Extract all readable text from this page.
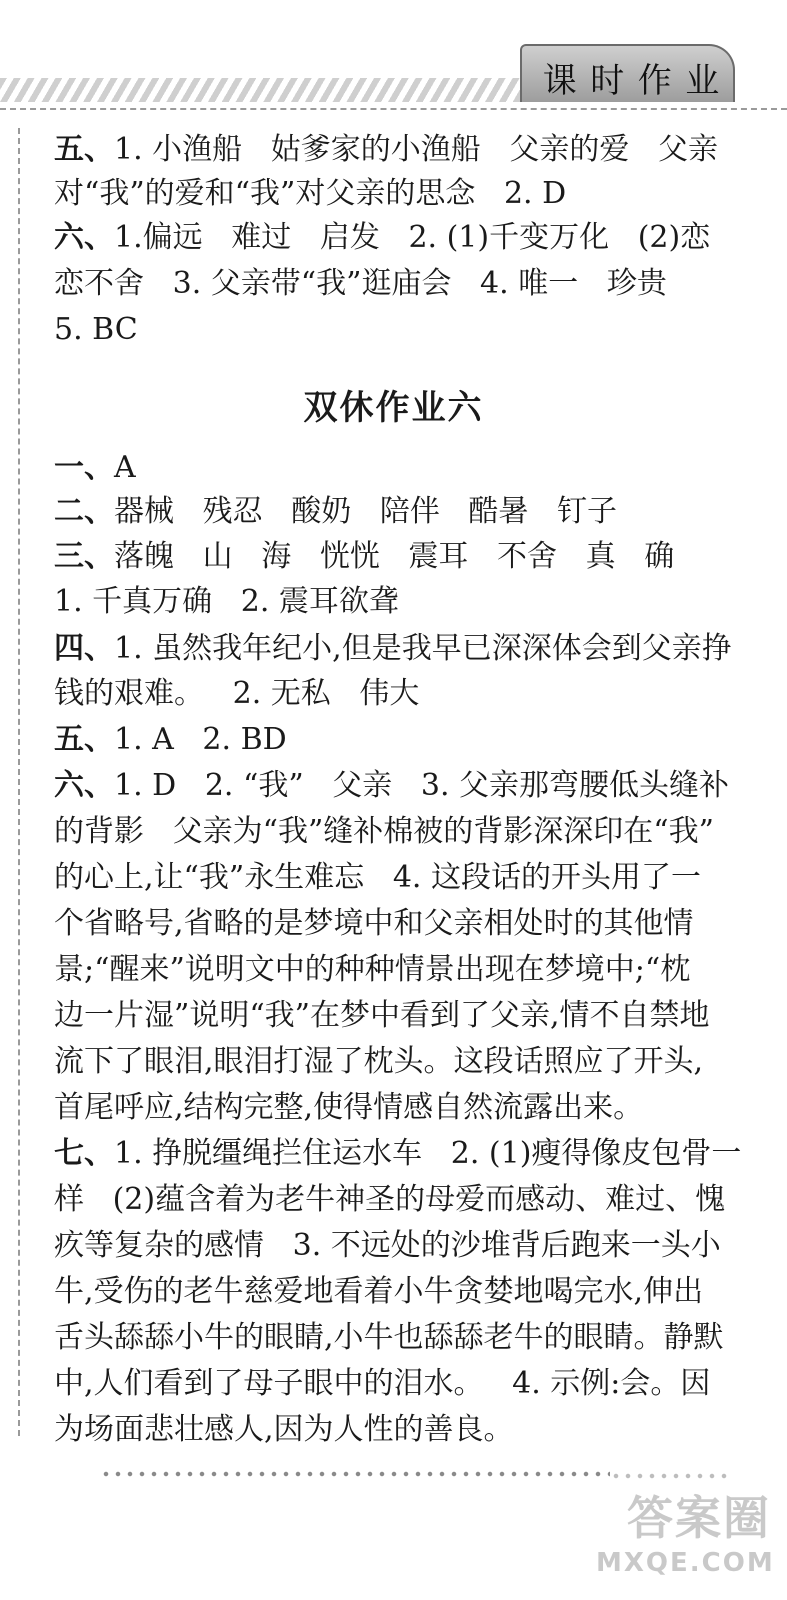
课 时 作 业
五、1. 小渔船   姑爹家的小渔船   父亲的爱   父亲
对“我”的爱和“我”对父亲的思念   2. D
六、1.偏远   难过   启发   2. (1)千变万化   (2)恋
恋不舍   3. 父亲带“我”逛庙会   4. 唯一   珍贵
5. BC
双休作业六
一、A
二、器械   残忍   酸奶   陪伴   酷暑   钉子
三、落魄   山   海   恍恍   震耳   不舍   真   确
1. 千真万确   2. 震耳欲聋
四、1. 虽然我年纪小,但是我早已深深体会到父亲挣
钱的艰难。   2. 无私   伟大
五、1. A   2. BD
六、1. D   2. “我”   父亲   3. 父亲那弯腰低头缝补
的背影   父亲为“我”缝补棉被的背影深深印在“我”
的心上,让“我”永生难忘   4. 这段话的开头用了一
个省略号,省略的是梦境中和父亲相处时的其他情
景;“醒来”说明文中的种种情景出现在梦境中;“枕
边一片湿”说明“我”在梦中看到了父亲,情不自禁地
流下了眼泪,眼泪打湿了枕头。这段话照应了开头,
首尾呼应,结构完整,使得情感自然流露出来。
七、1. 挣脱缰绳拦住运水车   2. (1)瘦得像皮包骨一
样   (2)蕴含着为老牛神圣的母爱而感动、难过、愧
疚等复杂的感情   3. 不远处的沙堆背后跑来一头小
牛,受伤的老牛慈爱地看着小牛贪婪地喝完水,伸出
舌头舔舔小牛的眼睛,小牛也舔舔老牛的眼睛。静默
中,人们看到了母子眼中的泪水。   4. 示例:会。因
为场面悲壮感人,因为人性的善良。
答案圈
MXQE.COM
